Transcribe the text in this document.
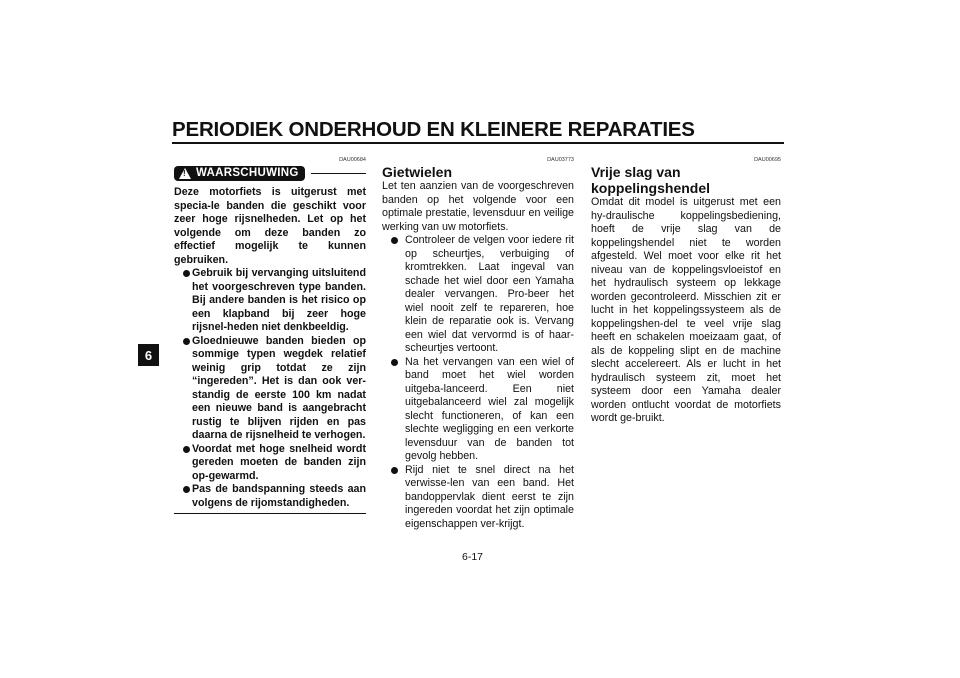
PERIODIEK ONDERHOUD EN KLEINERE REPARATIES
6
DAU00684
!
WAARSCHUWING

Deze motorfiets is uitgerust met specia-le banden die geschikt voor zeer hoge rijsnelheden. Let op het volgende om deze banden zo effectief mogelijk te kunnen gebruiken.

Gebruik bij vervanging uitsluitend het voorgeschreven type banden. Bij andere banden is het risico op een klapband bij zeer hoge rijsnel-heden niet denkbeeldig.
Gloednieuwe banden bieden op sommige typen wegdek relatief weinig grip totdat ze zijn “ingereden”. Het is dan ook ver-standig de eerste 100 km nadat een nieuwe band is aangebracht rustig te blijven rijden en pas daarna de rijsnelheid te verhogen.
Voordat met hoge snelheid wordt gereden moeten de banden zijn op-gewarmd.
Pas de bandspanning steeds aan volgens de rijomstandigheden.
DAU03773
Gietwielen

Let ten aanzien van de voorgeschreven banden op het volgende voor een optimale prestatie, levensduur en veilige werking van uw motorfiets.

Controleer de velgen voor iedere rit op scheurtjes, verbuiging of kromtrekken. Laat ingeval van schade het wiel door een Yamaha dealer vervangen. Pro-beer het wiel nooit zelf te repareren, hoe klein de reparatie ook is. Vervang een wiel dat vervormd is of haar-scheurtjes vertoont.
Na het vervangen van een wiel of band moet het wiel worden uitgeba-lanceerd. Een niet uitgebalanceerd wiel zal mogelijk slecht functioneren, of kan een slechte wegligging en een verkorte levensduur van de banden tot gevolg hebben.
Rijd niet te snel direct na het verwisse-len van een band. Het bandoppervlak dient eerst te zijn ingereden voordat het zijn optimale eigenschappen ver-krijgt.
DAU00695
Vrije slag van koppelingshendel

Omdat dit model is uitgerust met een hy-draulische koppelingsbediening, hoeft de vrije slag van de koppelingshendel niet te worden afgesteld. Wel moet voor elke rit het niveau van de koppelingsvloeistof en het hydraulisch systeem op lekkage worden gecontroleerd. Misschien zit er lucht in het koppelingssysteem als de koppelingshen-del te veel vrije slag heeft en schakelen moeizaam gaat, of als de koppeling slipt en de machine slecht accelereert. Als er lucht in het hydraulisch systeem zit, moet het systeem door een Yamaha dealer worden ontlucht voordat de motorfiets wordt ge-bruikt.

6-17
